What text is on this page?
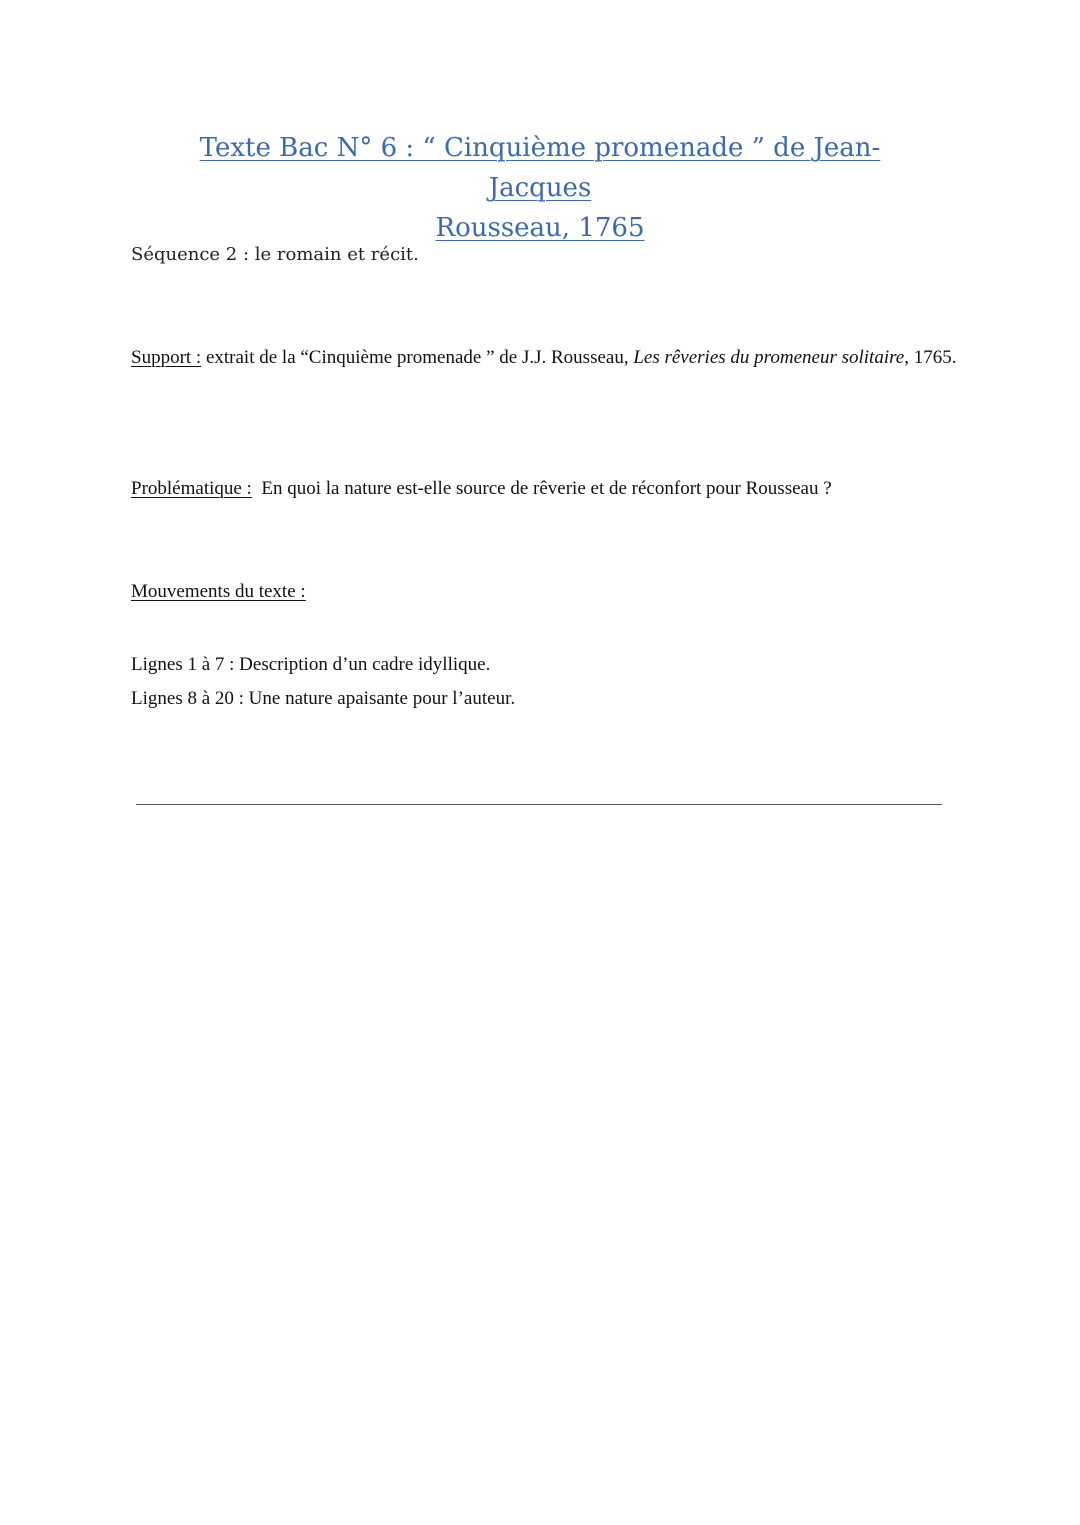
Texte Bac N° 6 : “ Cinquième promenade ” de Jean-Jacques
Rousseau, 1765
Séquence 2 : le romain et récit.
Support : extrait de la “Cinquième promenade ” de J.J. Rousseau, Les rêveries du promeneur solitaire, 1765.
Problématique :  En quoi la nature est-elle source de rêverie et de réconfort pour Rousseau ?
Mouvements du texte :
Lignes 1 à 7 : Description d’un cadre idyllique.
Lignes 8 à 20 : Une nature apaisante pour l’auteur.
